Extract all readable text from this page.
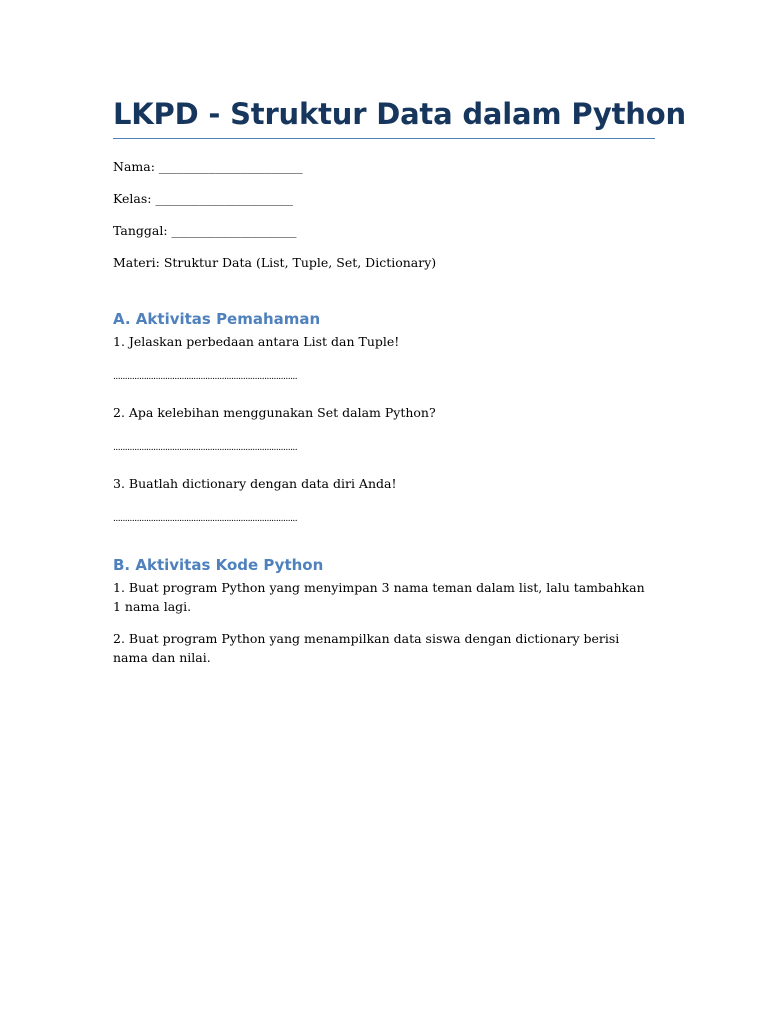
LKPD - Struktur Data dalam Python

Nama: _______________________

Kelas: ______________________

Tanggal: ____________________

Materi: Struktur Data (List, Tuple, Set, Dictionary)

A. Aktivitas Pemahaman

1. Jelaskan perbedaan antara List dan Tuple!

..............................................................................

2. Apa kelebihan menggunakan Set dalam Python?

..............................................................................

3. Buatlah dictionary dengan data diri Anda!

..............................................................................
B. Aktivitas Kode Python

1. Buat program Python yang menyimpan 3 nama teman dalam list, lalu tambahkan 1 nama lagi.

2. Buat program Python yang menampilkan data siswa dengan dictionary berisi nama dan nilai.
